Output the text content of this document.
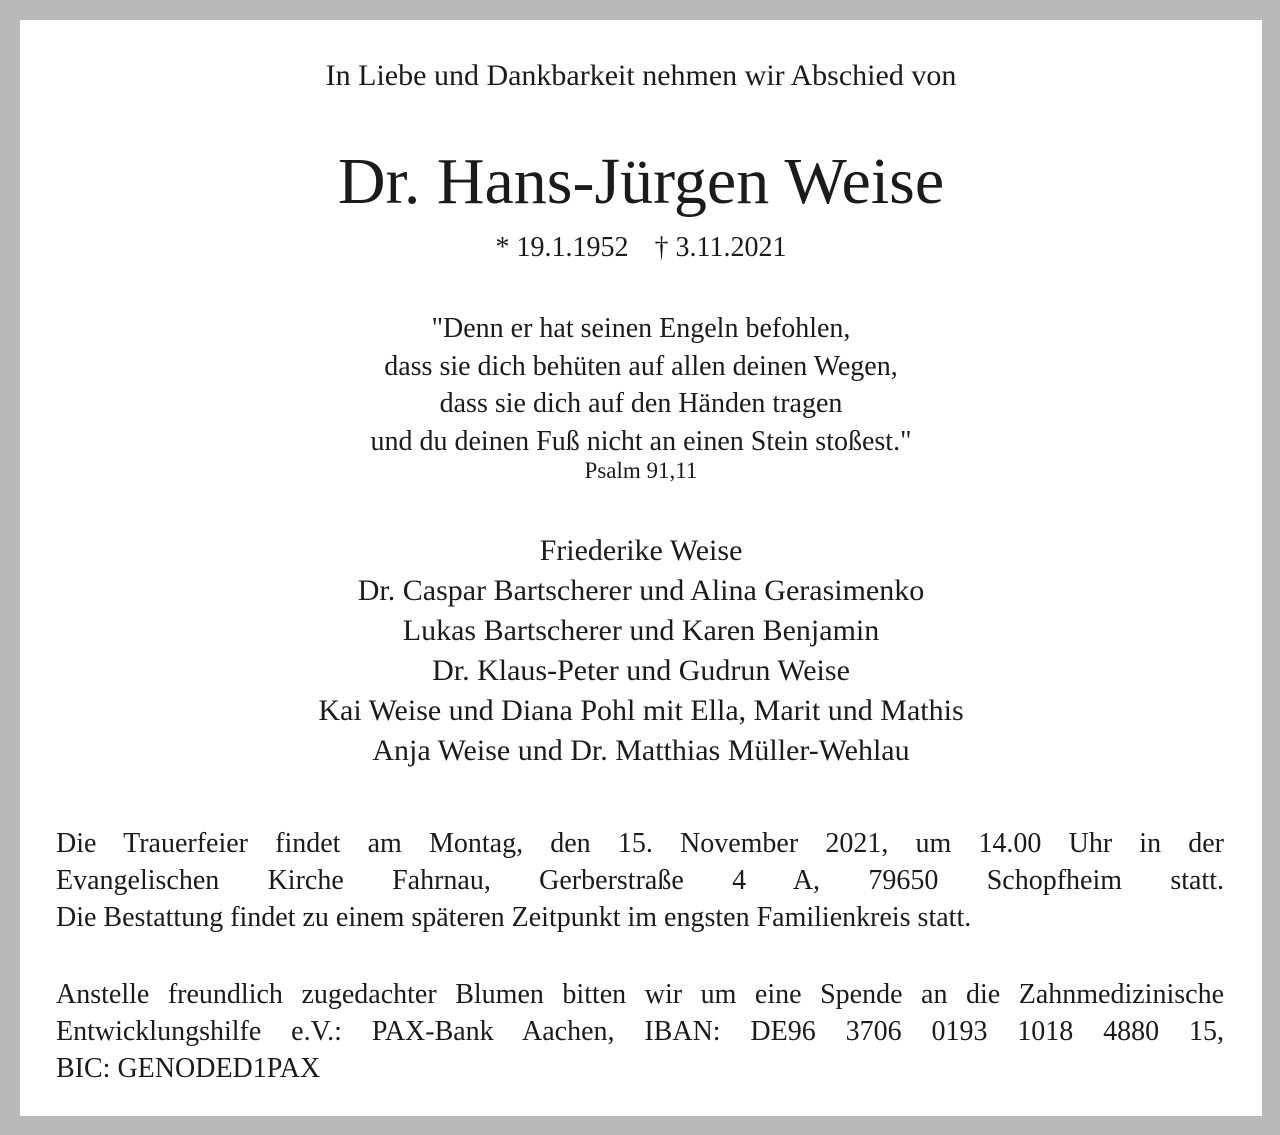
In Liebe und Dankbarkeit nehmen wir Abschied von
Dr. Hans-Jürgen Weise
* 19.1.1952 † 3.11.2021
"Denn er hat seinen Engeln befohlen,
dass sie dich behüten auf allen deinen Wegen,
dass sie dich auf den Händen tragen
und du deinen Fuß nicht an einen Stein stoßest."
Psalm 91,11
Friederike Weise
Dr. Caspar Bartscherer und Alina Gerasimenko
Lukas Bartscherer und Karen Benjamin
Dr. Klaus-Peter und Gudrun Weise
Kai Weise und Diana Pohl mit Ella, Marit und Mathis
Anja Weise und Dr. Matthias Müller-Wehlau
Die Trauerfeier findet am Montag, den 15. November 2021, um 14.00 Uhr in der
Evangelischen Kirche Fahrnau, Gerberstraße 4 A, 79650 Schopfheim statt.
Die Bestattung findet zu einem späteren Zeitpunkt im engsten Familienkreis statt.
Anstelle freundlich zugedachter Blumen bitten wir um eine Spende an die Zahnmedizinische
Entwicklungshilfe e.V.: PAX-Bank Aachen, IBAN: DE96 3706 0193 1018 4880 15,
BIC: GENODED1PAX
